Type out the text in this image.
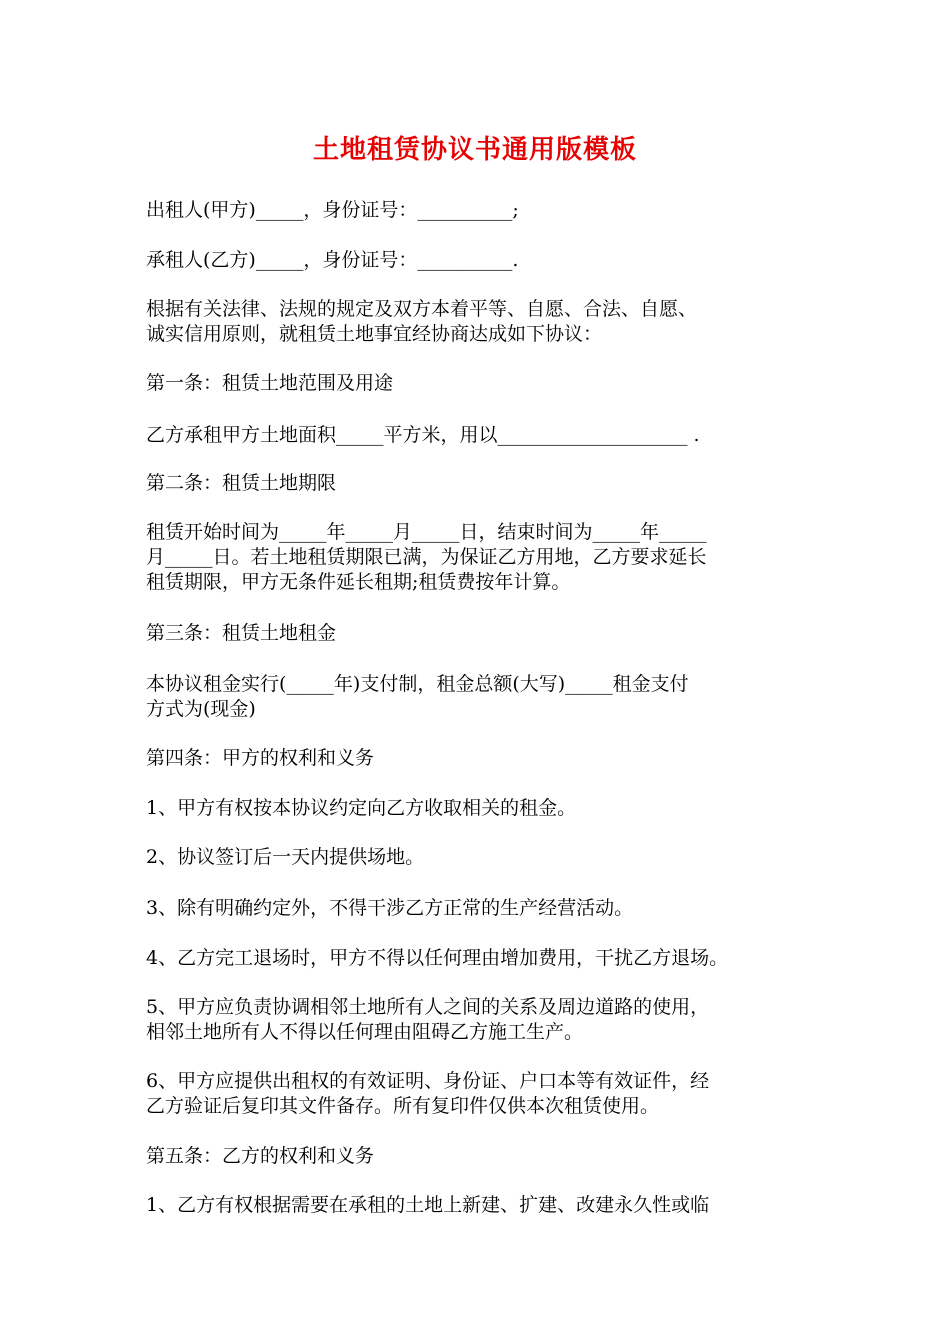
土地租赁协议书通用版模板
出租人(甲方)_____，身份证号：__________;
承租人(乙方)_____，身份证号：__________.
根据有关法律、法规的规定及双方本着平等、自愿、合法、自愿、
诚实信用原则，就租赁土地事宜经协商达成如下协议：
第一条：租赁土地范围及用途
乙方承租甲方土地面积_____平方米，用以____________________ .
第二条：租赁土地期限
租赁开始时间为_____年_____月_____日，结束时间为_____年_____
月_____日。若土地租赁期限已满，为保证乙方用地，乙方要求延长
租赁期限，甲方无条件延长租期;租赁费按年计算。
第三条：租赁土地租金
本协议租金实行(_____年)支付制，租金总额(大写)_____租金支付
方式为(现金)
第四条：甲方的权利和义务
1、甲方有权按本协议约定向乙方收取相关的租金。
2、协议签订后一天内提供场地。
3、除有明确约定外，不得干涉乙方正常的生产经营活动。
4、乙方完工退场时，甲方不得以任何理由增加费用，干扰乙方退场。
5、甲方应负责协调相邻土地所有人之间的关系及周边道路的使用，
相邻土地所有人不得以任何理由阻碍乙方施工生产。
6、甲方应提供出租权的有效证明、身份证、户口本等有效证件，经
乙方验证后复印其文件备存。所有复印件仅供本次租赁使用。
第五条：乙方的权利和义务
1、乙方有权根据需要在承租的土地上新建、扩建、改建永久性或临
